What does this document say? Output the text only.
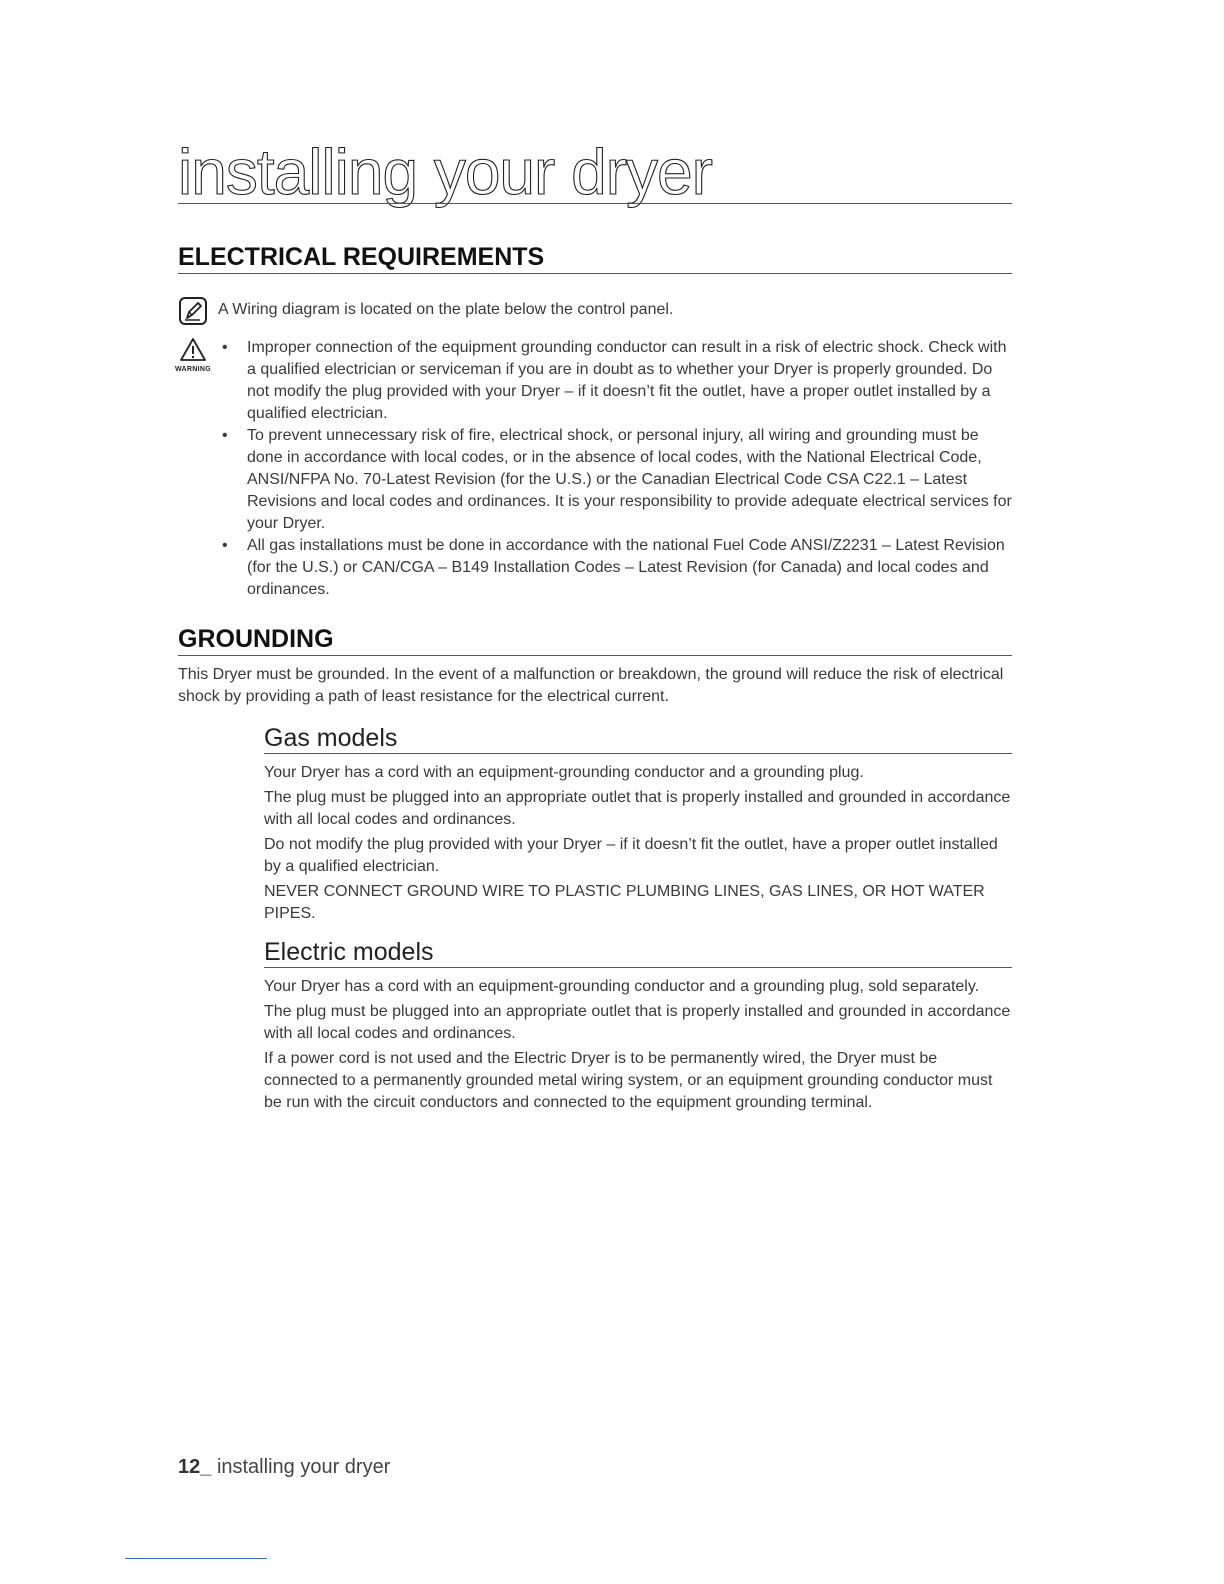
installing your dryer
ELECTRICAL REQUIREMENTS
A Wiring diagram is located on the plate below the control panel.
WARNING
• Improper connection of the equipment grounding conductor can result in a risk of electric shock. Check with a qualified electrician or serviceman if you are in doubt as to whether your Dryer is properly grounded. Do not modify the plug provided with your Dryer – if it doesn’t fit the outlet, have a proper outlet installed by a qualified electrician.
• To prevent unnecessary risk of fire, electrical shock, or personal injury, all wiring and grounding must be done in accordance with local codes, or in the absence of local codes, with the National Electrical Code, ANSI/NFPA No. 70-Latest Revision (for the U.S.) or the Canadian Electrical Code CSA C22.1 – Latest Revisions and local codes and ordinances. It is your responsibility to provide adequate electrical services for your Dryer.
• All gas installations must be done in accordance with the national Fuel Code ANSI/Z2231 – Latest Revision (for the U.S.) or CAN/CGA – B149 Installation Codes – Latest Revision (for Canada) and local codes and ordinances.
GROUNDING

This Dryer must be grounded. In the event of a malfunction or breakdown, the ground will reduce the risk of electrical shock by providing a path of least resistance for the electrical current.

Gas models

Your Dryer has a cord with an equipment-grounding conductor and a grounding plug.

The plug must be plugged into an appropriate outlet that is properly installed and grounded in accordance with all local codes and ordinances.

Do not modify the plug provided with your Dryer – if it doesn’t fit the outlet, have a proper outlet installed by a qualified electrician.

NEVER CONNECT GROUND WIRE TO PLASTIC PLUMBING LINES, GAS LINES, OR HOT WATER PIPES.

Electric models

Your Dryer has a cord with an equipment-grounding conductor and a grounding plug, sold separately.

The plug must be plugged into an appropriate outlet that is properly installed and grounded in accordance with all local codes and ordinances.

If a power cord is not used and the Electric Dryer is to be permanently wired, the Dryer must be connected to a permanently grounded metal wiring system, or an equipment grounding conductor must be run with the circuit conductors and connected to the equipment grounding terminal.

12_ installing your dryer
